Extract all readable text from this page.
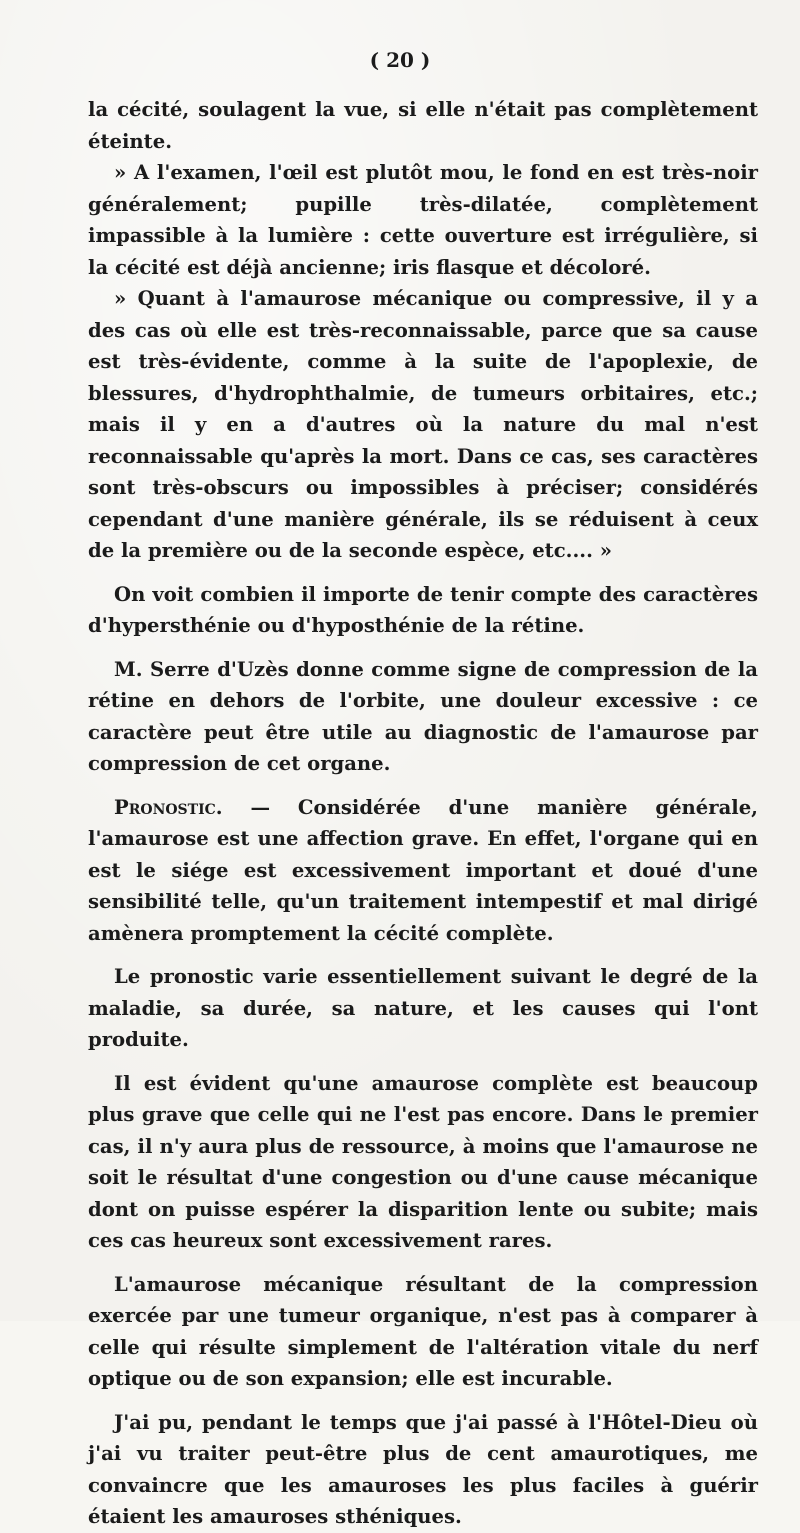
( 20 )

la cécité, soulagent la vue, si elle n'était pas complètement éteinte.

» A l'examen, l'œil est plutôt mou, le fond en est très-noir généralement; pupille très-dilatée, complètement impassible à la lumière : cette ouverture est irrégulière, si la cécité est déjà ancienne; iris flasque et décoloré.

» Quant à l'amaurose mécanique ou compressive, il y a des cas où elle est très-reconnaissable, parce que sa cause est très-évidente, comme à la suite de l'apoplexie, de blessures, d'hydrophthalmie, de tumeurs orbitaires, etc.; mais il y en a d'autres où la nature du mal n'est reconnaissable qu'après la mort. Dans ce cas, ses caractères sont très-obscurs ou impossibles à préciser; considérés cependant d'une manière générale, ils se réduisent à ceux de la première ou de la seconde espèce, etc.... »

On voit combien il importe de tenir compte des caractères d'hypersthénie ou d'hyposthénie de la rétine.

M. Serre d'Uzès donne comme signe de compression de la rétine en dehors de l'orbite, une douleur excessive : ce caractère peut être utile au diagnostic de l'amaurose par compression de cet organe.

Pronostic. — Considérée d'une manière générale, l'amaurose est une affection grave. En effet, l'organe qui en est le siége est excessivement important et doué d'une sensibilité telle, qu'un traitement intempestif et mal dirigé amènera promptement la cécité complète.

Le pronostic varie essentiellement suivant le degré de la maladie, sa durée, sa nature, et les causes qui l'ont produite.

Il est évident qu'une amaurose complète est beaucoup plus grave que celle qui ne l'est pas encore. Dans le premier cas, il n'y aura plus de ressource, à moins que l'amaurose ne soit le résultat d'une congestion ou d'une cause mécanique dont on puisse espérer la disparition lente ou subite; mais ces cas heureux sont excessivement rares.

L'amaurose mécanique résultant de la compression exercée par une tumeur organique, n'est pas à comparer à celle qui résulte simplement de l'altération vitale du nerf optique ou de son expansion; elle est incurable.

J'ai pu, pendant le temps que j'ai passé à l'Hôtel-Dieu où j'ai vu traiter peut-être plus de cent amaurotiques, me convaincre que les amauroses les plus faciles à guérir étaient les amauroses sthéniques.
